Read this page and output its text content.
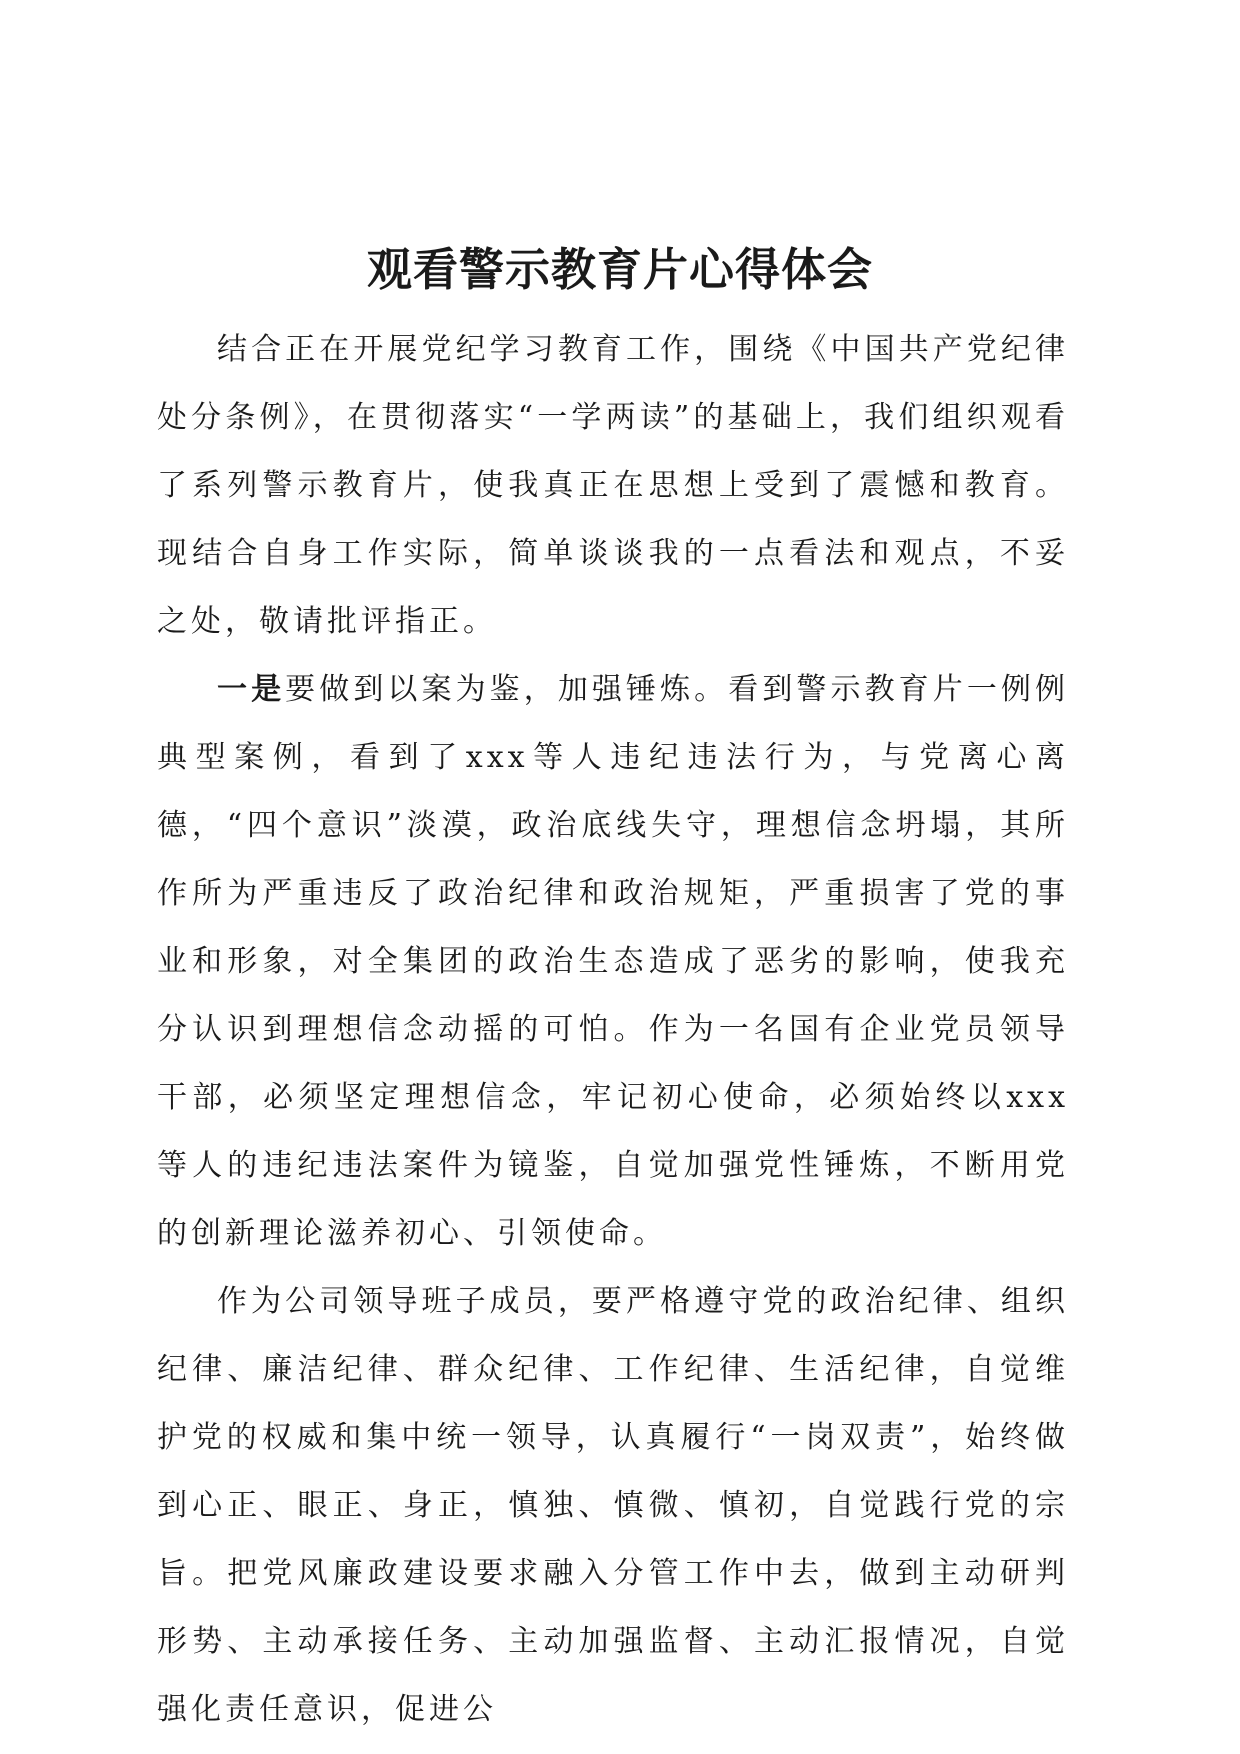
观看警示教育片心得体会

结合正在开展党纪学习教育工作，围绕《中国共产党纪律处分条例》，在贯彻落实“一学两读”的基础上，我们组织观看了系列警示教育片，使我真正在思想上受到了震憾和教育。现结合自身工作实际，简单谈谈我的一点看法和观点，不妥之处，敬请批评指正。

一是要做到以案为鉴，加强锤炼。看到警示教育片一例例典型案例，看到了xxx等人违纪违法行为，与党离心离德，“四个意识”淡漠，政治底线失守，理想信念坍塌，其所作所为严重违反了政治纪律和政治规矩，严重损害了党的事业和形象，对全集团的政治生态造成了恶劣的影响，使我充分认识到理想信念动摇的可怕。作为一名国有企业党员领导干部，必须坚定理想信念，牢记初心使命，必须始终以xxx等人的违纪违法案件为镜鉴，自觉加强党性锤炼，不断用党的创新理论滋养初心、引领使命。

作为公司领导班子成员，要严格遵守党的政治纪律、组织纪律、廉洁纪律、群众纪律、工作纪律、生活纪律，自觉维护党的权威和集中统一领导，认真履行“一岗双责”，始终做到心正、眼正、身正，慎独、慎微、慎初，自觉践行党的宗旨。把党风廉政建设要求融入分管工作中去，做到主动研判形势、主动承接任务、主动加强监督、主动汇报情况，自觉强化责任意识，促进公
